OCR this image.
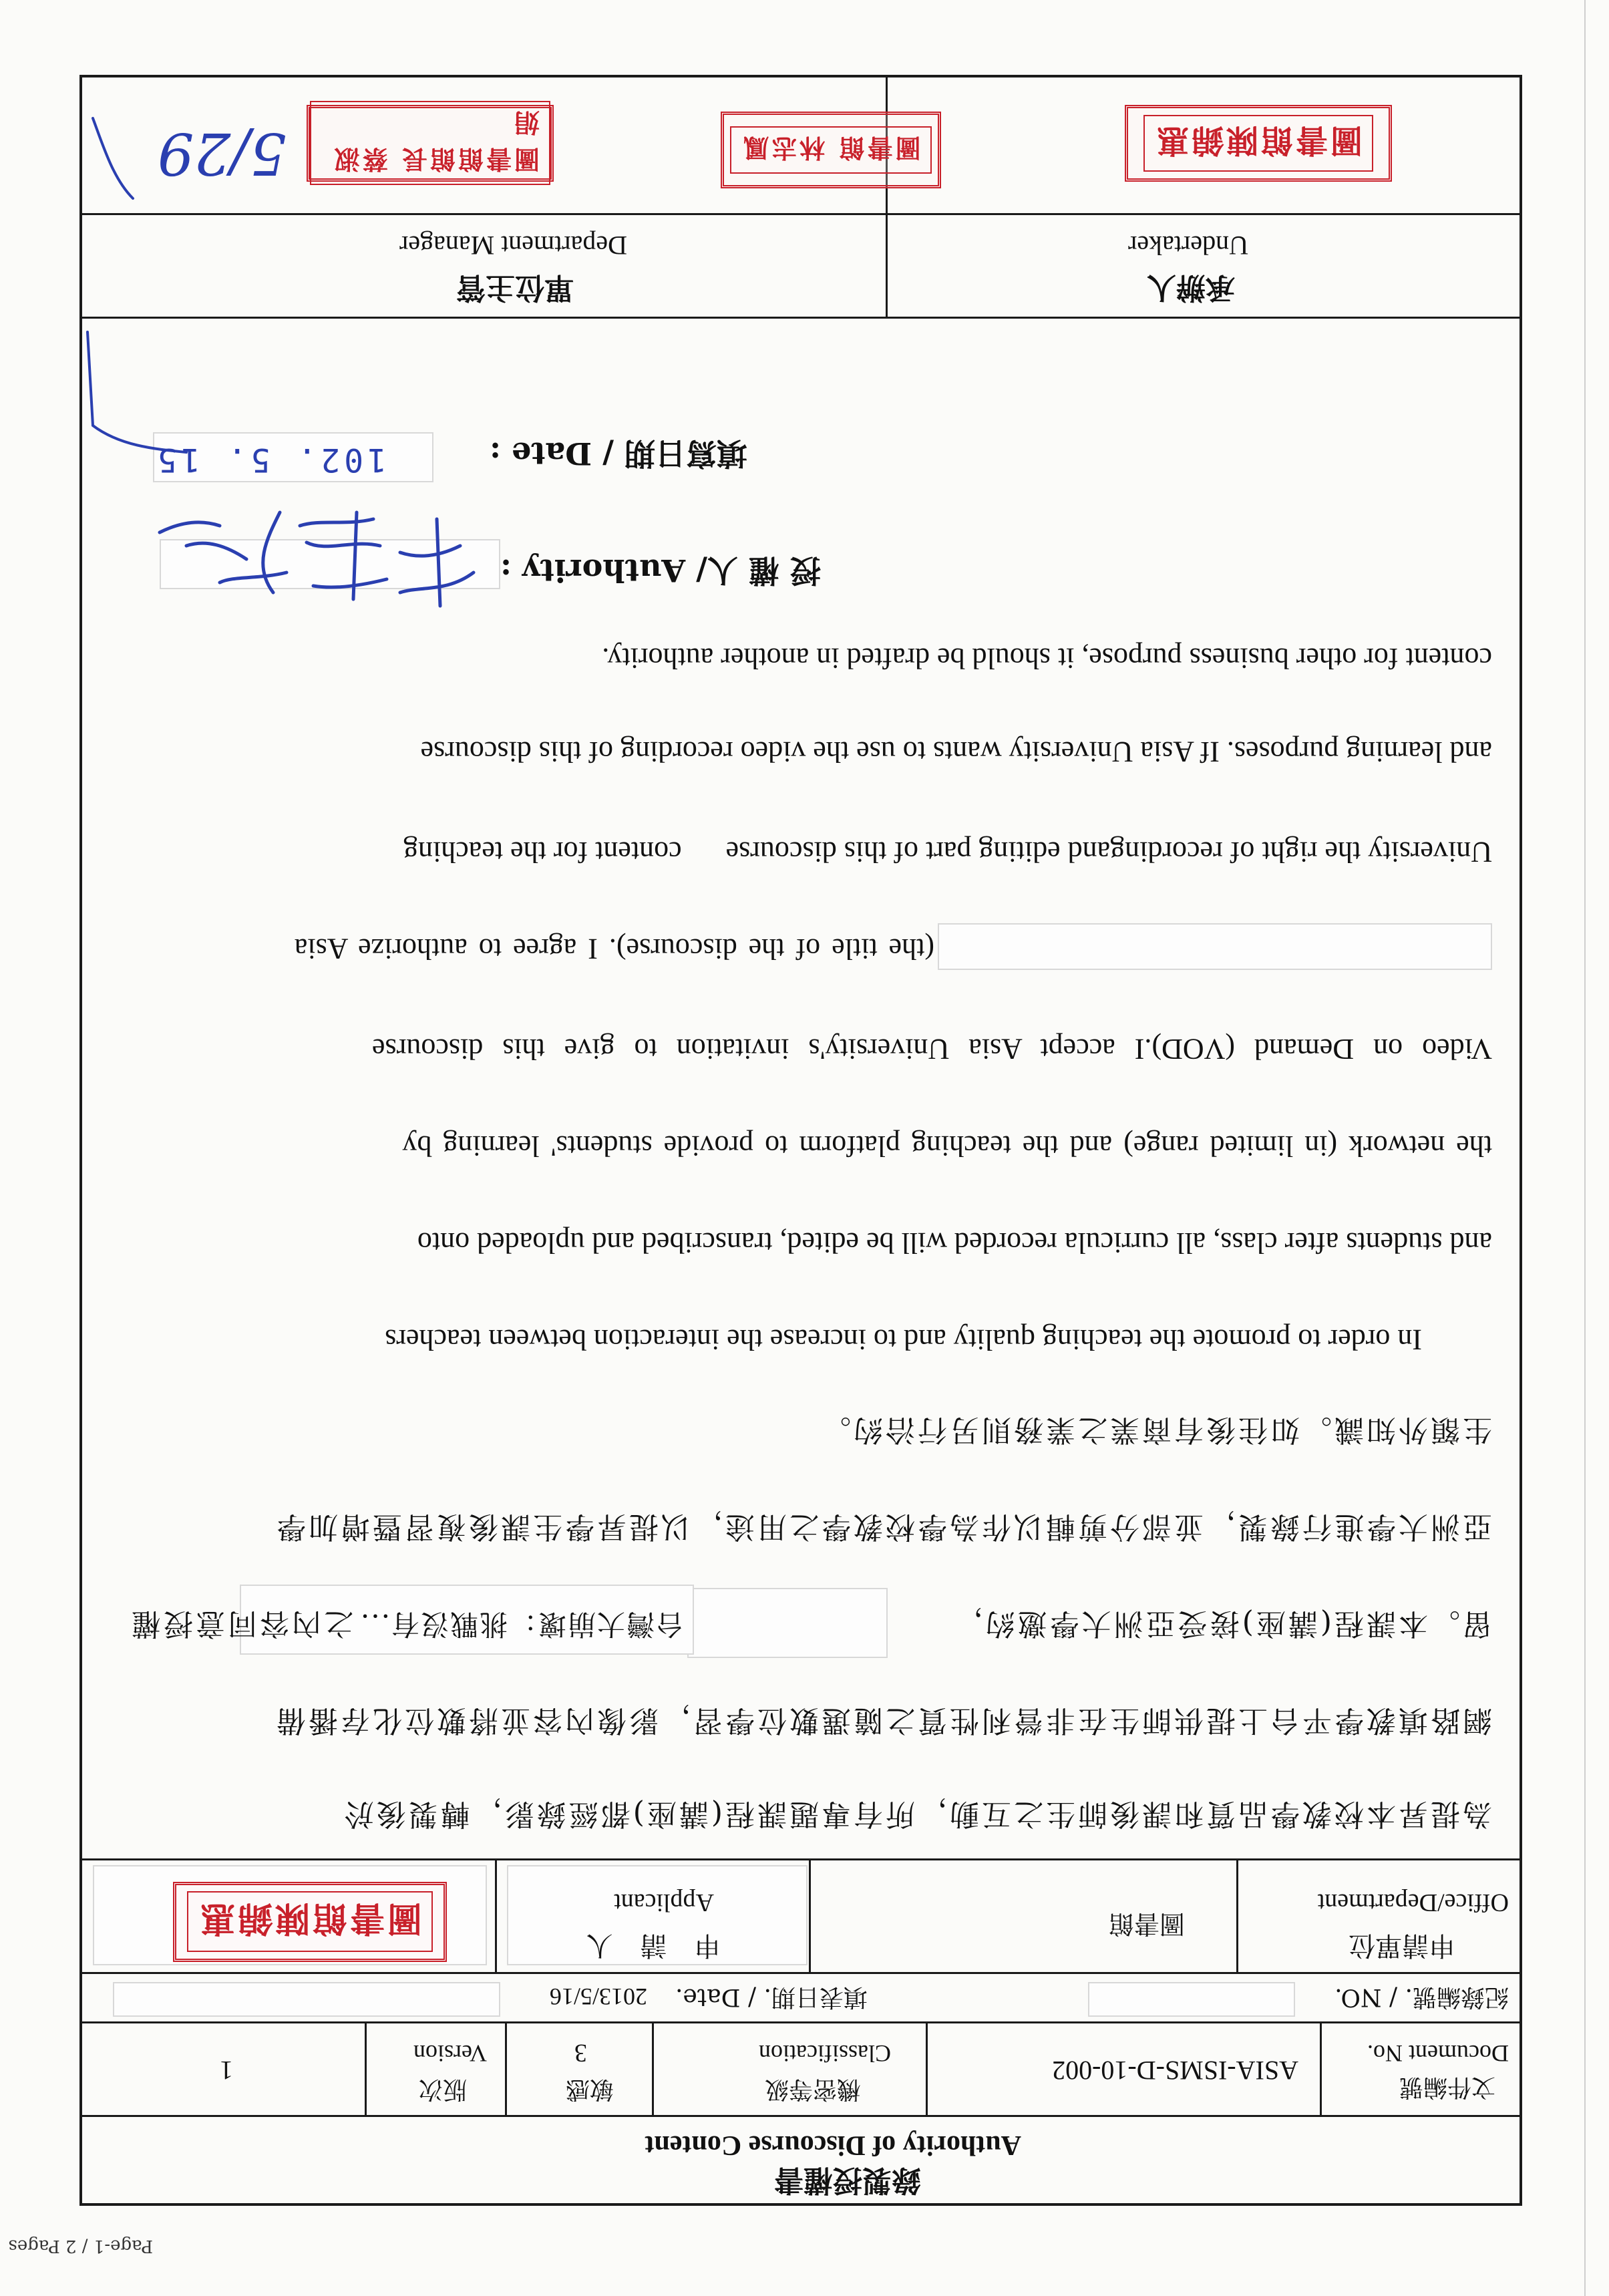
Page-1 / 2 Pages
錄製授權書
Authority of Discourse Content
文件編號
Document No.
ASIA-ISMS-D-10-002
機密等級
Classification
敏感
3
版次
Version
1
紀錄編號. / NO.
填表日期. / Date.
2013/5/16
申請單位
Office/Department
圖書館
申 請 人
Applicant
圖書館陳錦惠
為提昇本校教學品質和課後師生之互動，所有專題課程(講座)都經錄影，轉製後於
網路填教學平台上提供師生在非營利性質之隨選數位學習，影像內容並將數位化存播備
留。本課程(講座)接受亞洲大學邀約，
台灣大崩壞：挑戰沒有...
之內容同意授權
亞洲大學進行錄製，並部分剪輯以作為學校教學之用途，以提昇學生課後複習暨增加學
生額外知識。如往後有商業之業務則另行洽約。
In order to promote the teaching quality and to increase the interaction between teachers
and students after class, all curricula recorded will be edited, transcribed and uploaded onto
the network (in limited range) and the teaching platform to provide students' learning by
Video on Demand (VOD).I accept Asia University's invitation to give this discourse
(the title of the discourse). I agree to authorize Asia
University the right of recordingand editing part of this discourse      content for the teaching
and learning purposes. If Asia University wants to use the video recording of this discourse
content for other business purpose, it should be drafted in another authority.
授 權 人/ Authority :
胡忠信
填寫日期 / Date :
102. 5. 15
承辦人
Undertaker
單位主管
Department Manager
圖書館陳錦惠
圖書館 林志鳳
圖書館館長 蔡淑娟
5/29
